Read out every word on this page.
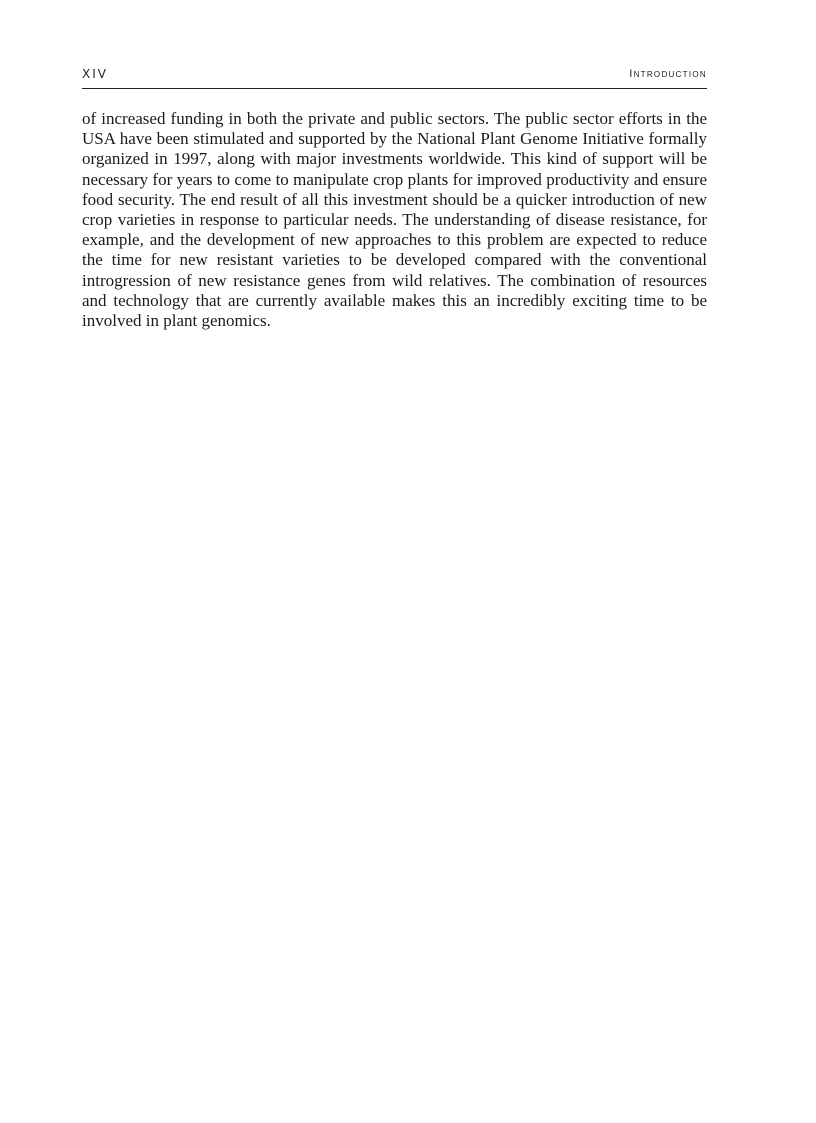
XIV	Introduction

of increased funding in both the private and public sectors. The public sector efforts in the USA have been stimulated and supported by the National Plant Genome Initiative formally organized in 1997, along with major investments worldwide. This kind of support will be necessary for years to come to manipulate crop plants for improved productivity and ensure food security. The end result of all this investment should be a quicker introduction of new crop varieties in response to particular needs. The understanding of disease resistance, for example, and the development of new approaches to this problem are expected to reduce the time for new resistant varieties to be developed compared with the conventional introgression of new resistance genes from wild relatives. The combination of resources and technology that are currently available makes this an incredibly exciting time to be involved in plant genomics.
